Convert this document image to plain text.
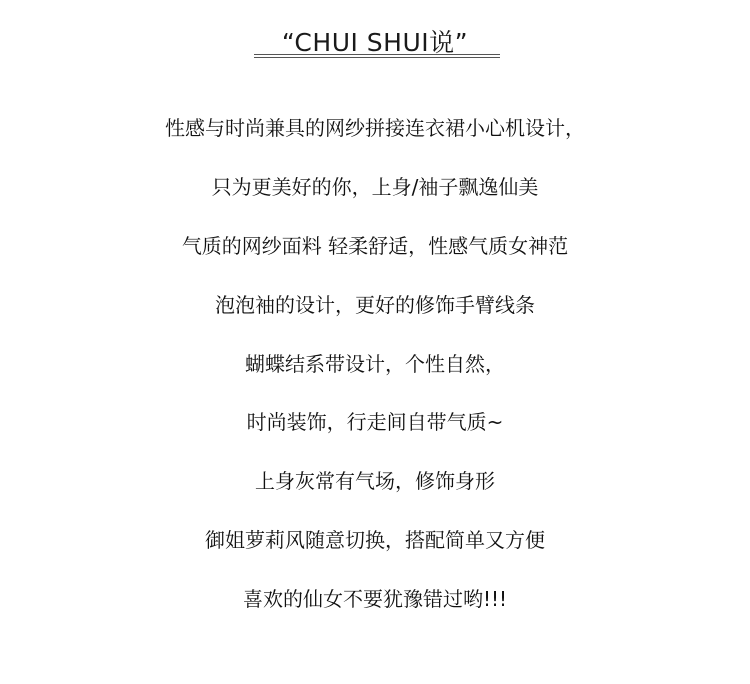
“CHUI SHUI说”
性感与时尚兼具的网纱拼接连衣裙小心机设计，
只为更美好的你，上身/袖子飘逸仙美
气质的网纱面料 轻柔舒适，性感气质女神范
泡泡袖的设计，更好的修饰手臂线条
蝴蝶结系带设计，个性自然，
时尚装饰，行走间自带气质~
上身灰常有气场，修饰身形
御姐萝莉风随意切换，搭配简单又方便
喜欢的仙女不要犹豫错过哟!!!
